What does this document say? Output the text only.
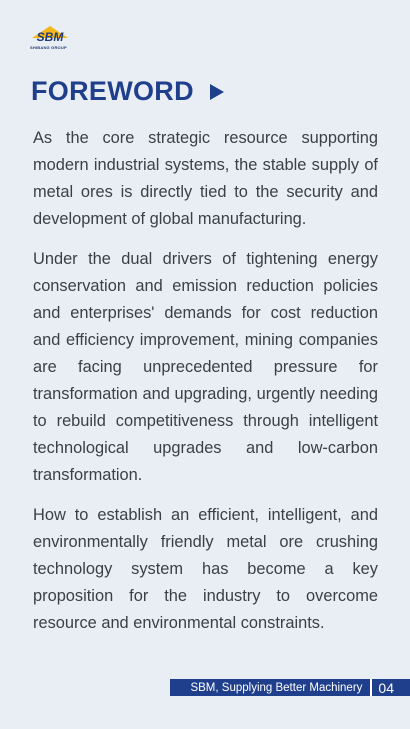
SBM
SHIBANG GROUP
FOREWORD

As the core strategic resource supporting modern industrial systems, the stable supply of metal ores is directly tied to the security and development of global manufacturing.

Under the dual drivers of tightening energy conservation and emission reduction policies and enterprises' demands for cost reduction and efficiency improvement, mining companies are facing unprecedented pressure for transformation and upgrading, urgently needing to rebuild competitiveness through intelligent technological upgrades and low-carbon transformation.

How to establish an efficient, intelligent, and environmentally friendly metal ore crushing technology system has become a key proposition for the industry to overcome resource and environmental constraints.

SBM, Supplying Better Machinery	04
